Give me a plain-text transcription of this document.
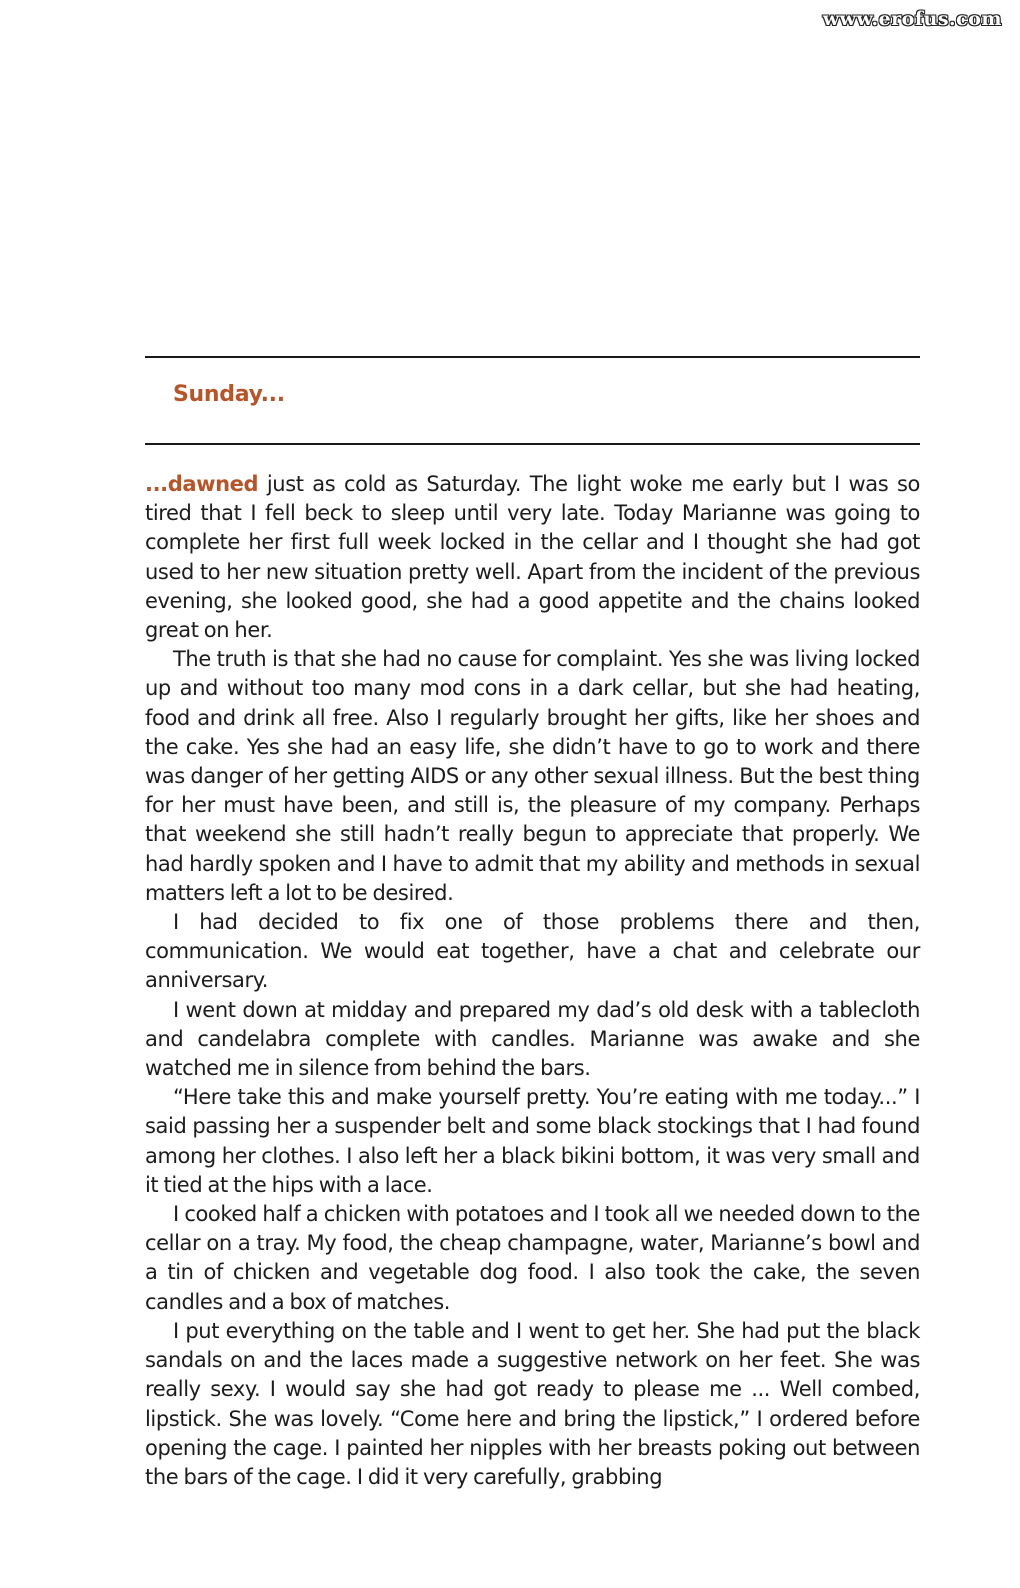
www.erofus.com
Sunday...

...dawned just as cold as Saturday. The light woke me early but I was so tired that I fell beck to sleep until very late. Today Marianne was going to complete her first full week locked in the cellar and I thought she had got used to her new situation pretty well. Apart from the incident of the previous evening, she looked good, she had a good appetite and the chains looked great on her.

The truth is that she had no cause for complaint. Yes she was living locked up and without too many mod cons in a dark cellar, but she had heating, food and drink all free. Also I regularly brought her gifts, like her shoes and the cake. Yes she had an easy life, she didn’t have to go to work and there was danger of her getting AIDS or any other sexual illness. But the best thing for her must have been, and still is, the pleasure of my company. Perhaps that weekend she still hadn’t really begun to appreciate that properly. We had hardly spoken and I have to admit that my ability and methods in sexual matters left a lot to be desired.

I had decided to fix one of those problems there and then, communication. We would eat together, have a chat and celebrate our anniversary.

I went down at midday and prepared my dad’s old desk with a tablecloth and candelabra complete with candles. Marianne was awake and she watched me in silence from behind the bars.

“Here take this and make yourself pretty. You’re eating with me today...” I said passing her a suspender belt and some black stockings that I had found among her clothes. I also left her a black bikini bottom, it was very small and it tied at the hips with a lace.

I cooked half a chicken with potatoes and I took all we needed down to the cellar on a tray. My food, the cheap champagne, water, Marianne’s bowl and a tin of chicken and vegetable dog food. I also took the cake, the seven candles and a box of matches.

I put everything on the table and I went to get her. She had put the black sandals on and the laces made a suggestive network on her feet. She was really sexy. I would say she had got ready to please me ... Well combed, lipstick. She was lovely. “Come here and bring the lipstick,” I ordered before opening the cage. I painted her nipples with her breasts poking out between the bars of the cage. I did it very carefully, grabbing
